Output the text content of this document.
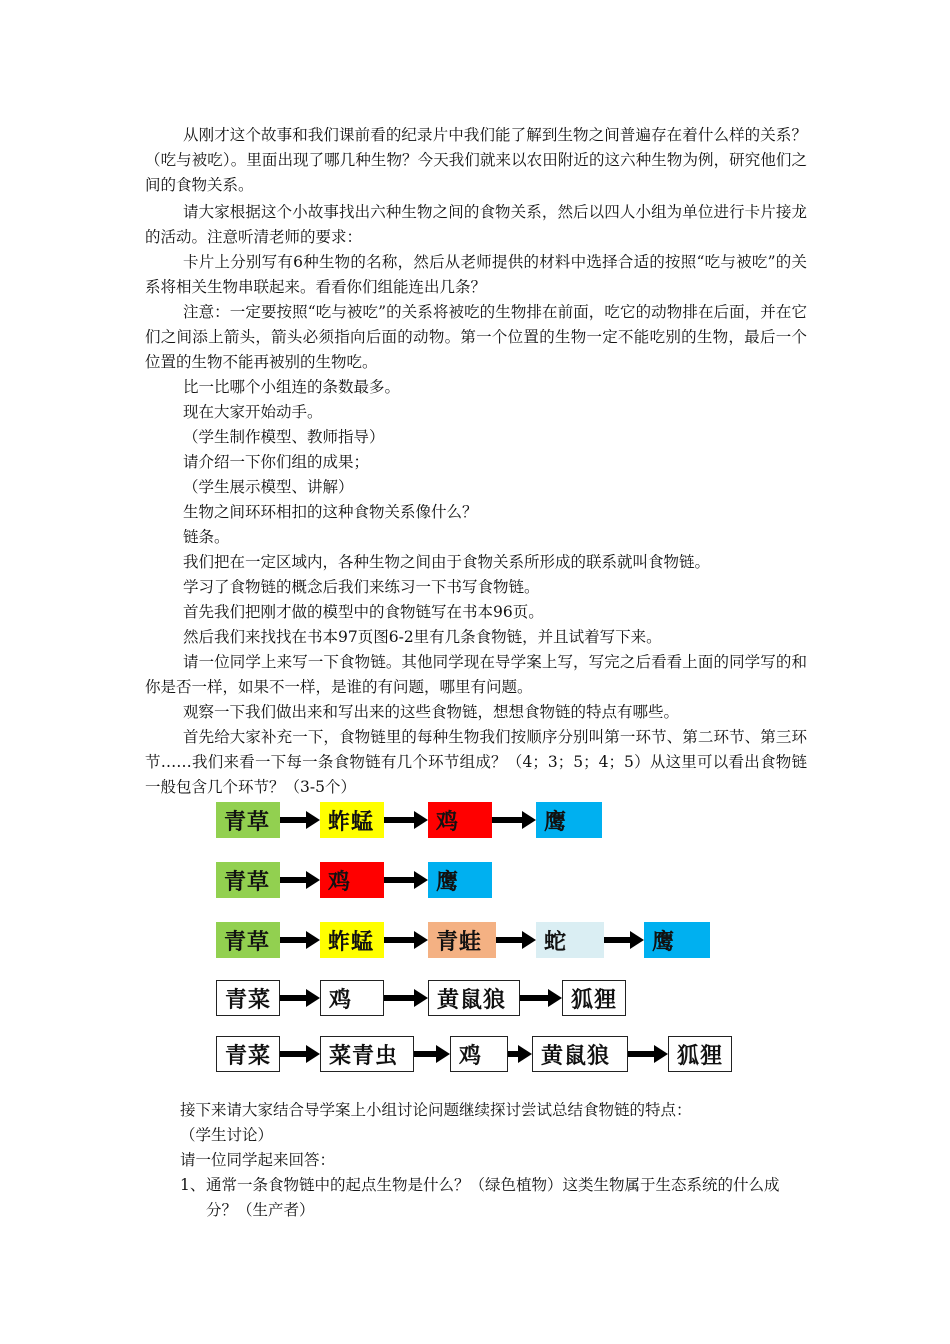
从刚才这个故事和我们课前看的纪录片中我们能了解到生物之间普遍存在着什么样的关系？（吃与被吃）。里面出现了哪几种生物？今天我们就来以农田附近的这六种生物为例，研究他们之间的食物关系。

请大家根据这个小故事找出六种生物之间的食物关系，然后以四人小组为单位进行卡片接龙的活动。注意听清老师的要求：

卡片上分别写有6种生物的名称，然后从老师提供的材料中选择合适的按照“吃与被吃”的关系将相关生物串联起来。看看你们组能连出几条？

注意：一定要按照“吃与被吃”的关系将被吃的生物排在前面，吃它的动物排在后面，并在它们之间添上箭头，箭头必须指向后面的动物。第一个位置的生物一定不能吃别的生物，最后一个位置的生物不能再被别的生物吃。

比一比哪个小组连的条数最多。

现在大家开始动手。

（学生制作模型、教师指导）

请介绍一下你们组的成果；

（学生展示模型、讲解）

生物之间环环相扣的这种食物关系像什么？

链条。

我们把在一定区域内，各种生物之间由于食物关系所形成的联系就叫食物链。

学习了食物链的概念后我们来练习一下书写食物链。

首先我们把刚才做的模型中的食物链写在书本96页。

然后我们来找找在书本97页图6-2里有几条食物链，并且试着写下来。

请一位同学上来写一下食物链。其他同学现在导学案上写，写完之后看看上面的同学写的和你是否一样，如果不一样，是谁的有问题，哪里有问题。

观察一下我们做出来和写出来的这些食物链，想想食物链的特点有哪些。

首先给大家补充一下，食物链里的每种生物我们按顺序分别叫第一环节、第二环节、第三环节……我们来看一下每一条食物链有几个环节组成？（4；3；5；4；5）从这里可以看出食物链一般包含几个环节？（3-5个）

青草	蚱蜢	鸡	鹰
青草	鸡	鹰
青草	蚱蜢	青蛙	蛇	鹰
青菜	鸡	黄鼠狼	狐狸
青菜	菜青虫	鸡	黄鼠狼	狐狸

接下来请大家结合导学案上小组讨论问题继续探讨尝试总结食物链的特点：

（学生讨论）

请一位同学起来回答：

1、 通常一条食物链中的起点生物是什么？（绿色植物）这类生物属于生态系统的什么成分？（生产者）
